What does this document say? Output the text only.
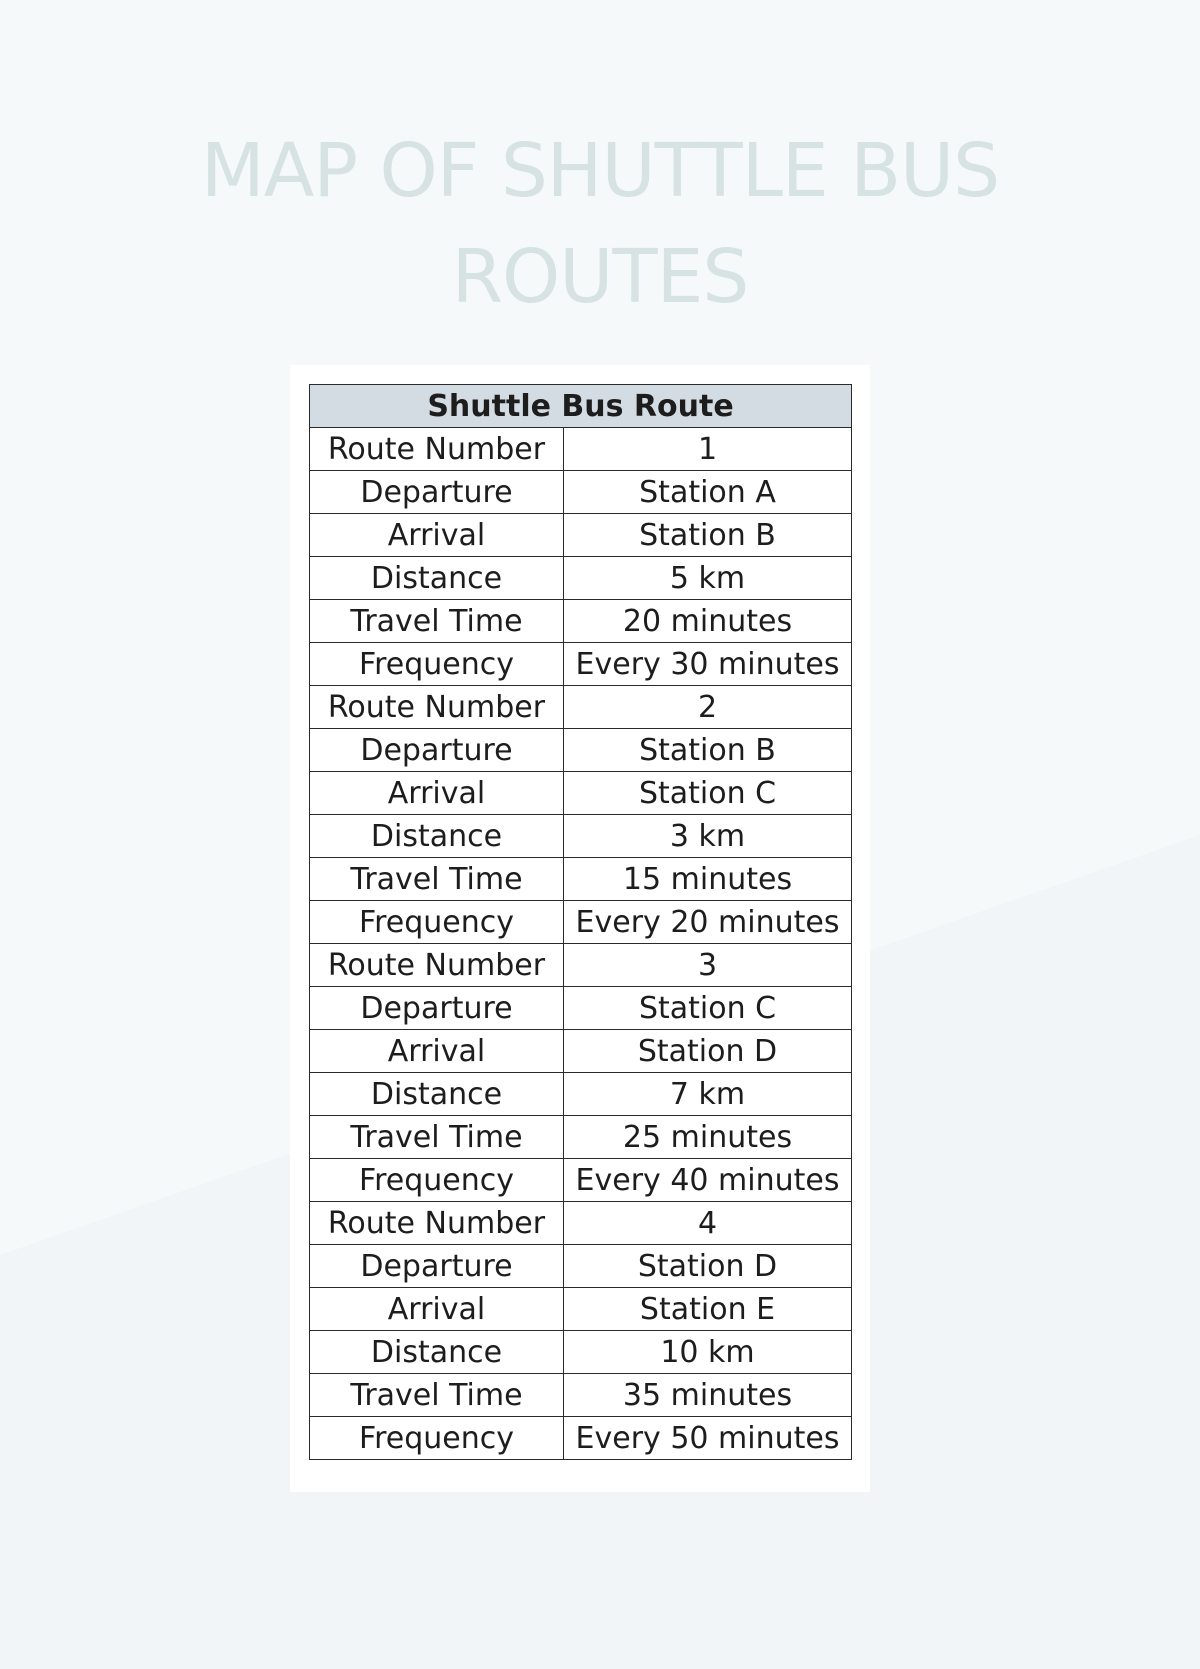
MAP OF SHUTTLE BUS
ROUTES
Shuttle Bus Route	
Route Number	1
Departure	Station A
Arrival	Station B
Distance	5 km
Travel Time	20 minutes
Frequency	Every 30 minutes
Route Number	2
Departure	Station B
Arrival	Station C
Distance	3 km
Travel Time	15 minutes
Frequency	Every 20 minutes
Route Number	3
Departure	Station C
Arrival	Station D
Distance	7 km
Travel Time	25 minutes
Frequency	Every 40 minutes
Route Number	4
Departure	Station D
Arrival	Station E
Distance	10 km
Travel Time	35 minutes
Frequency	Every 50 minutes
